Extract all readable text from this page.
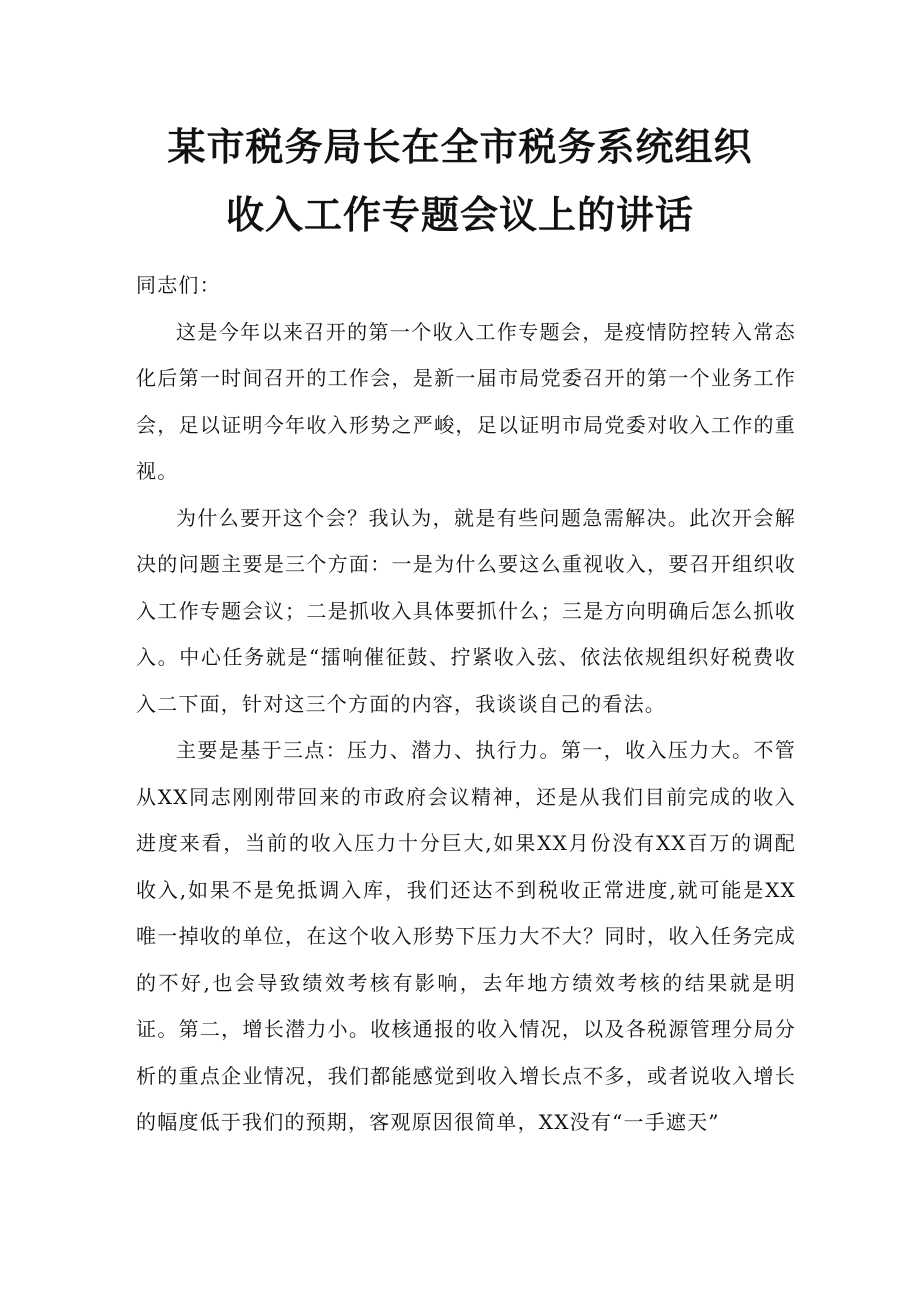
某市税务局长在全市税务系统组织
收入工作专题会议上的讲话

同志们：

这是今年以来召开的第一个收入工作专题会，是疫情防控转入常态化后第一时间召开的工作会，是新一届市局党委召开的第一个业务工作会，足以证明今年收入形势之严峻，足以证明市局党委对收入工作的重视。

为什么要开这个会？我认为，就是有些问题急需解决。此次开会解决的问题主要是三个方面：一是为什么要这么重视收入，要召开组织收入工作专题会议；二是抓收入具体要抓什么；三是方向明确后怎么抓收入。中心任务就是“擂响催征鼓、拧紧收入弦、依法依规组织好税费收入二下面，针对这三个方面的内容，我谈谈自己的看法。

主要是基于三点：压力、潜力、执行力。第一，收入压力大。不管从XX同志刚刚带回来的市政府会议精神，还是从我们目前完成的收入进度来看，当前的收入压力十分巨大,如果XX月份没有XX百万的调配收入,如果不是免抵调入库，我们还达不到税收正常进度,就可能是XX唯一掉收的单位，在这个收入形势下压力大不大？同时，收入任务完成的不好,也会导致绩效考核有影响，去年地方绩效考核的结果就是明证。第二，增长潜力小。收核通报的收入情况，以及各税源管理分局分析的重点企业情况，我们都能感觉到收入增长点不多，或者说收入增长的幅度低于我们的预期，客观原因很简单，XX没有“一手遮天”
